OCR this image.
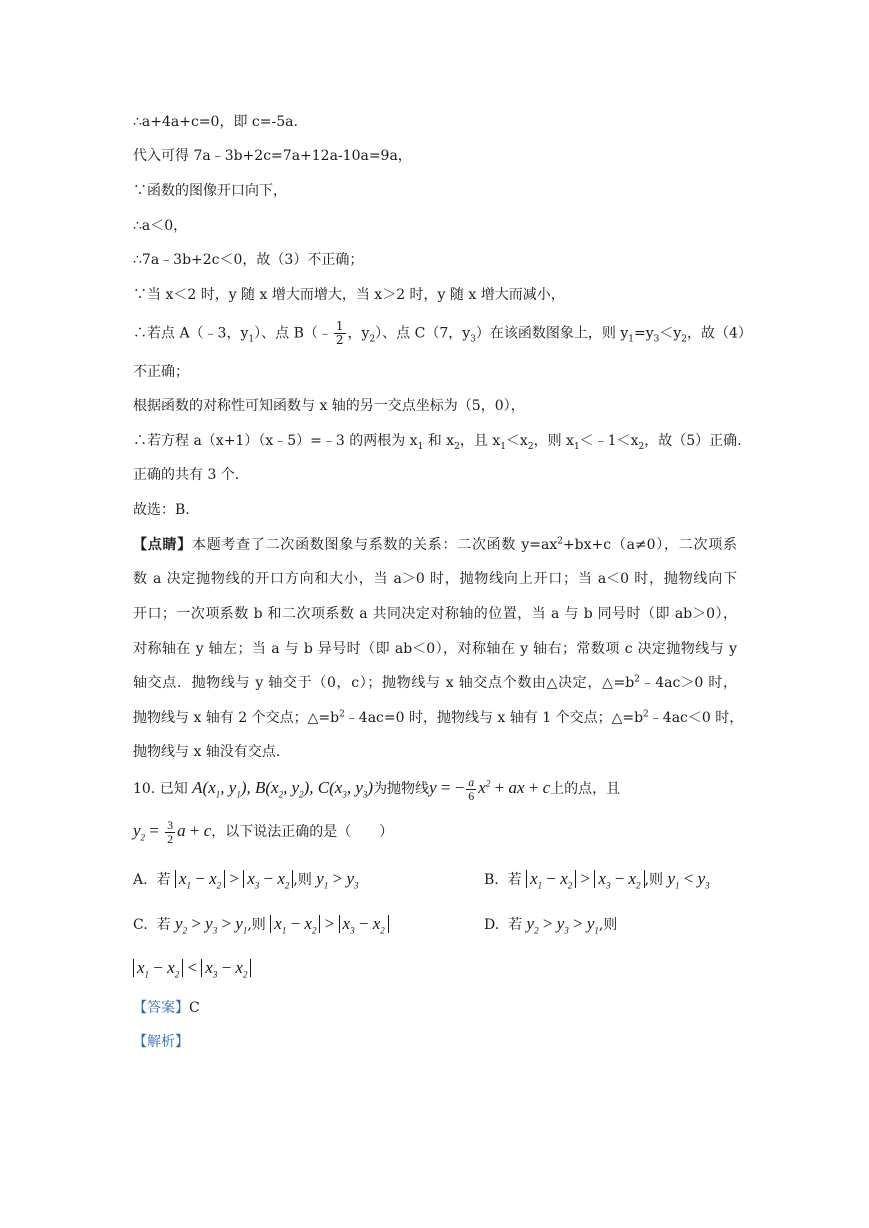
∴a+4a+c=0，即 c=-5a.
代入可得 7a﹣3b+2c=7a+12a-10a=9a，
∵函数的图像开口向下，
∴a＜0，
∴7a﹣3b+2c＜0，故（3）不正确；
∵当 x＜2 时，y 随 x 增大而增大，当 x＞2 时，y 随 x 增大而减小，
∴若点 A（﹣3，$y_1$）、点 B（﹣ $\frac{1}{2}$ ，$y_2$）、点 C（7，$y_3$）在该函数图象上，则 $y_1=y_3<y_2$，故（4）
不正确；
根据函数的对称性可知函数与 x 轴的另一交点坐标为（5，0），
∴若方程 a（x+1）（x﹣5）=﹣3 的两根为 $x_1$ 和 $x_2$，且 $x_1<x_2$，则 $x_1<﹣1<x_2$，故（5）正确.
正确的共有 3 个.
故选：B.
【点睛】本题考查了二次函数图象与系数的关系：二次函数 $y=ax^2+bx+c(a\ne 0)$，二次项系
数 a 决定抛物线的开口方向和大小，当 a＞0 时，抛物线向上开口；当 a＜0 时，抛物线向下
开口；一次项系数 b 和二次项系数 a 共同决定对称轴的位置，当 a 与 b 同号时（即 ab＞0），
对称轴在 y 轴左；当 a 与 b 异号时（即 ab＜0），对称轴在 y 轴右；常数项 c 决定抛物线与 y
轴交点．抛物线与 y 轴交于（0，c）；抛物线与 x 轴交点个数由△决定，$\triangle=b^2﹣4ac>0$ 时，
抛物线与 x 轴有 2 个交点；$\triangle=b^2﹣4ac=0$ 时，抛物线与 x 轴有 1 个交点；$\triangle=b^2﹣4ac<0$ 时，
抛物线与 x 轴没有交点.
10. 已知 $A(x_1$, $y_1$), $B(x_2$, $y_2$), $C(x_3$, $y_3$)为抛物线y = − $\frac{a}{6} x^2$ + ax + c上的点，且
$y_2 = \frac{3}{2}$ a + c，以下说法正确的是（　　）
A. 若 $x_1 - x_2 > x_3 - x_2$ ,则 $y_1 > y_3$	B. 若 $x_1 - x_2 > x_3 - x_2$ ,则 $y_1 < y_3$
C. 若 $y_2 > y_3 > y_1$,则 $x_1 - x_2 > x_3 - x_2$	D. 若 $y_2 > y_3 > y_1$,则
$x_1 - x_2 < x_3 - x_2$
【答案】C
【解析】
